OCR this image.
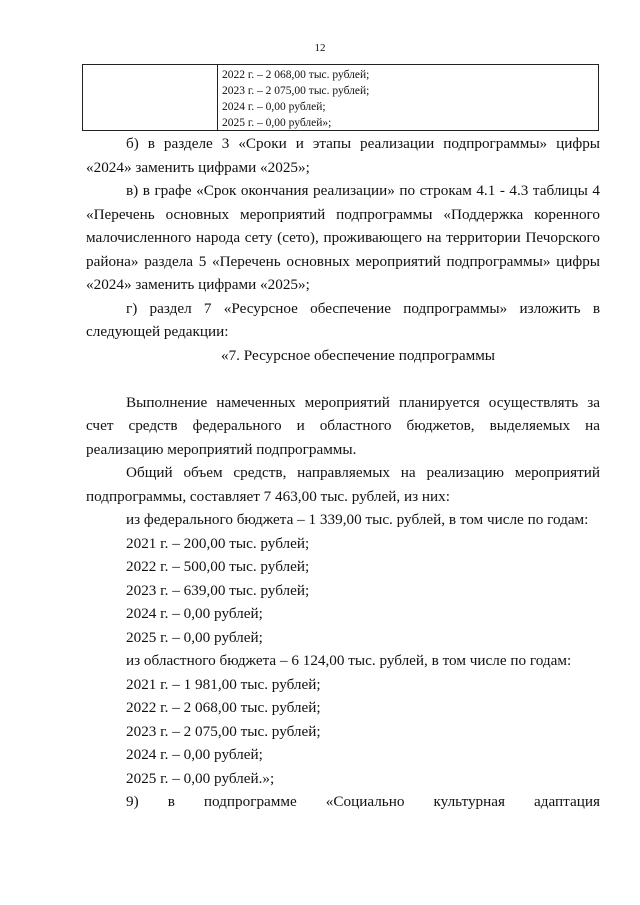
12
2022 г. – 2 068,00 тыс. рублей;
2023 г. – 2 075,00 тыс. рублей;
2024 г. – 0,00 рублей;
2025 г. – 0,00 рублей»;

б) в разделе 3 «Сроки и этапы реализации подпрограммы» цифры «2024» заменить цифрами «2025»;

в) в графе «Срок окончания реализации» по строкам 4.1 - 4.3 таблицы 4 «Перечень основных мероприятий подпрограммы «Поддержка коренного малочисленного народа сету (сето), проживающего на территории Печорского района» раздела 5 «Перечень основных мероприятий подпрограммы» цифры «2024» заменить цифрами «2025»;

г) раздел 7 «Ресурсное обеспечение подпрограммы» изложить в следующей редакции:

«7. Ресурсное обеспечение подпрограммы

Выполнение намеченных мероприятий планируется осуществлять за счет средств федерального и областного бюджетов, выделяемых на реализацию мероприятий подпрограммы.

Общий объем средств, направляемых на реализацию мероприятий подпрограммы, составляет 7 463,00 тыс. рублей, из них:

из федерального бюджета – 1 339,00 тыс. рублей, в том числе по годам:

2021 г. – 200,00 тыс. рублей;

2022 г. – 500,00 тыс. рублей;

2023 г. – 639,00 тыс. рублей;

2024 г. – 0,00 рублей;

2025 г. – 0,00 рублей;

из областного бюджета – 6 124,00 тыс. рублей, в том числе по годам:

2021 г. – 1 981,00 тыс. рублей;

2022 г. – 2 068,00 тыс. рублей;

2023 г. – 2 075,00 тыс. рублей;

2024 г. – 0,00 рублей;

2025 г. – 0,00 рублей.»;

9) в подпрограмме «Социально культурная адаптация
